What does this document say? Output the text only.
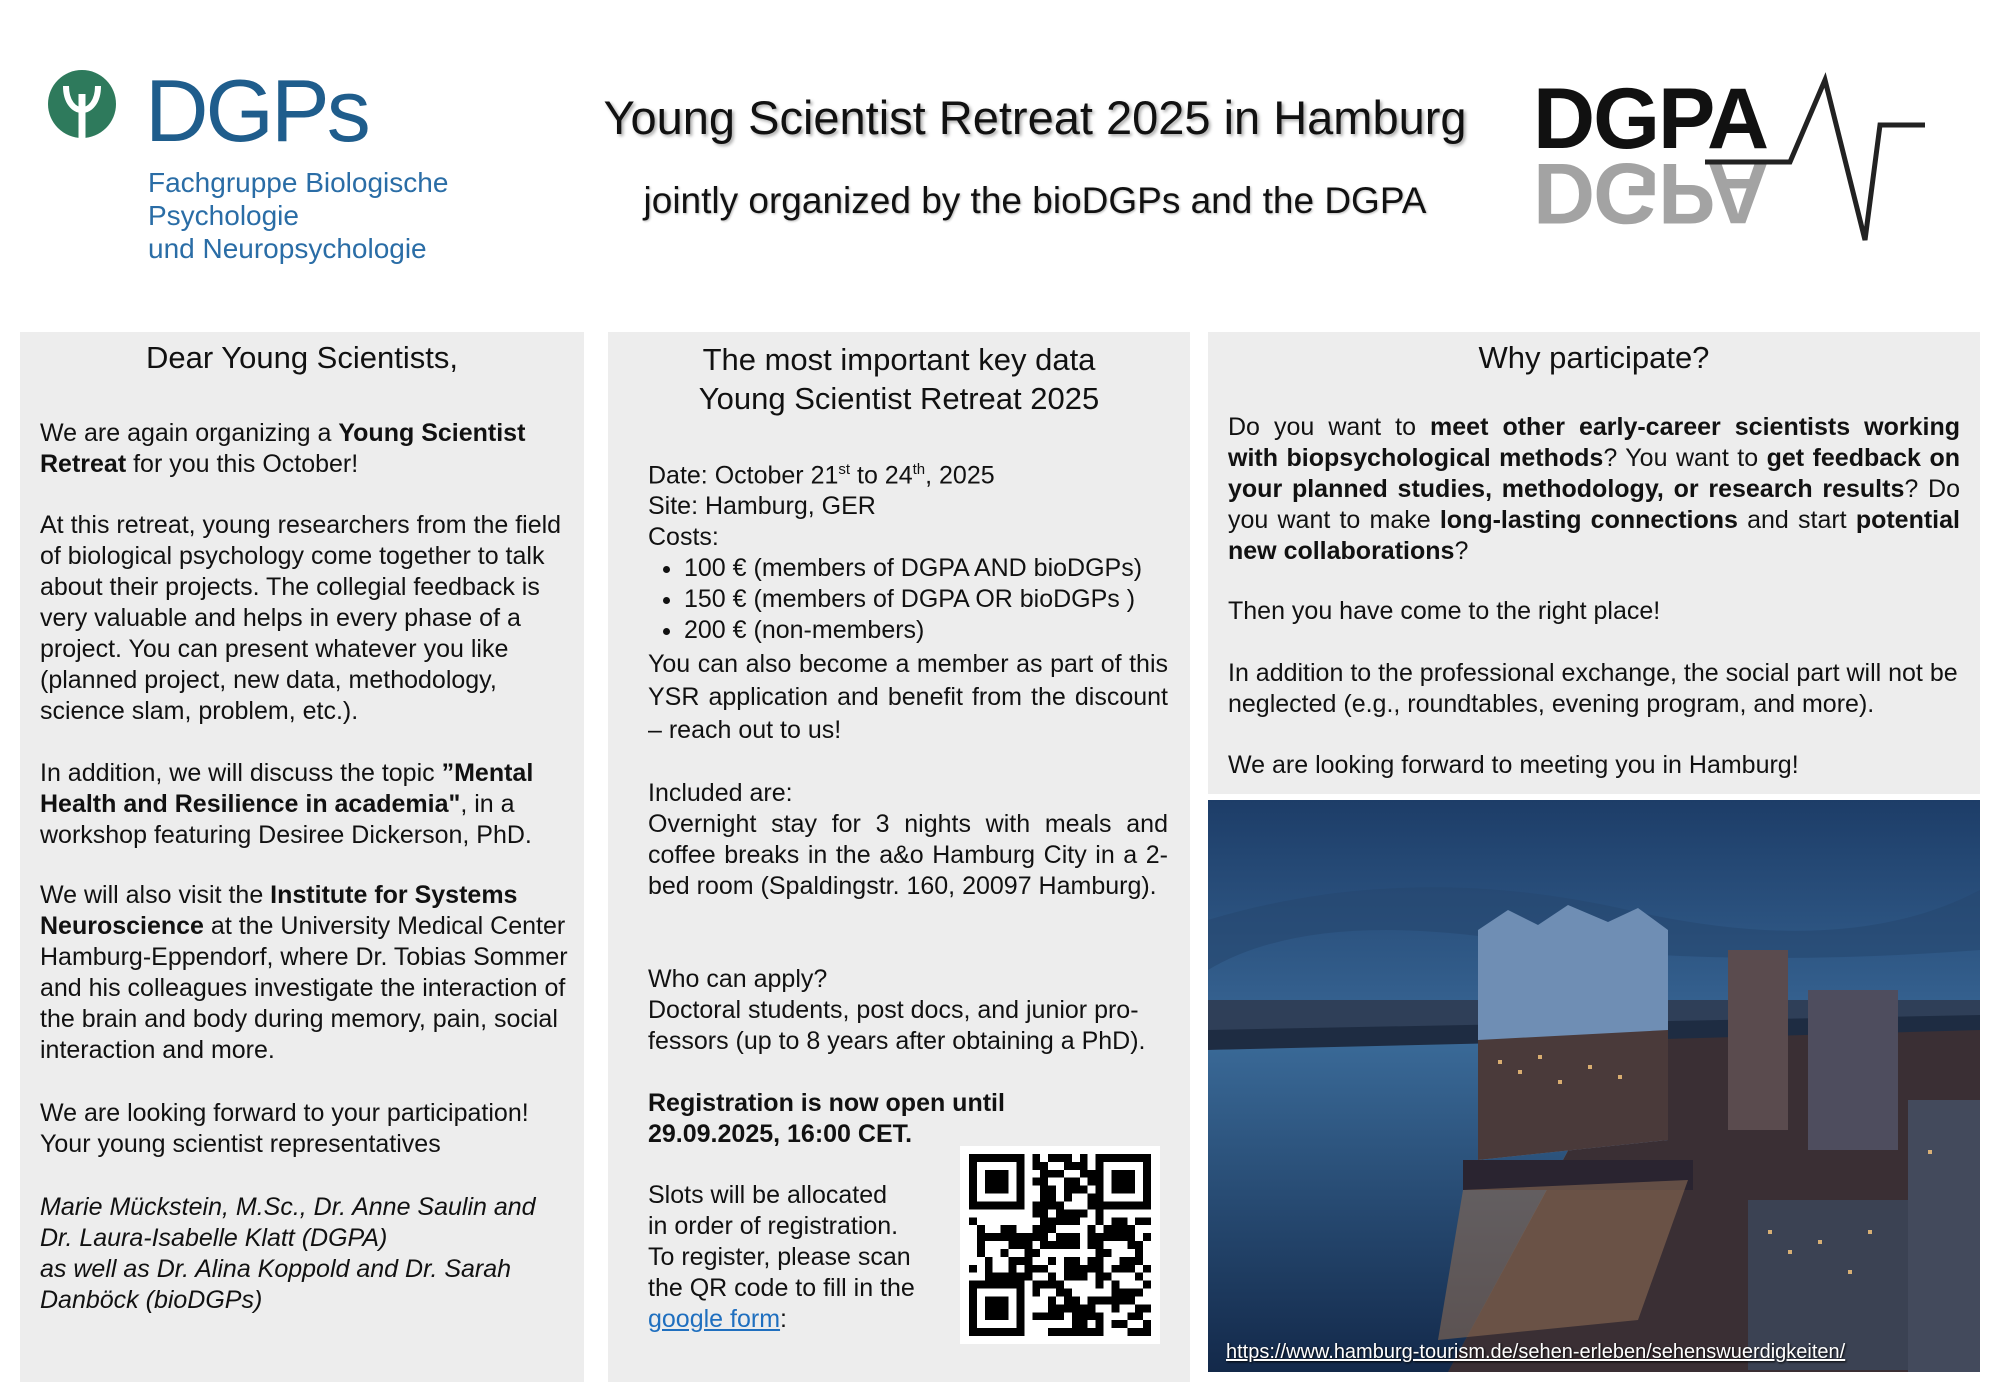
DGPs
Fachgruppe Biologische Psychologie
und Neuropsychologie
Young Scientist Retreat 2025 in Hamburg
jointly organized by the bioDGPs and the DGPA
DGPA
DGPA
Dear Young Scientists,
We are again organizing a Young Scientist Retreat for you this October!
At this retreat, young researchers from the field of biological psychology come together to talk about their projects. The collegial feedback is very valuable and helps in every phase of a project. You can present whatever you like (planned project, new data, methodology, science slam, problem, etc.).
In addition, we will discuss the topic ”Mental Health and Resilience in academia", in a workshop featuring Desiree Dickerson, PhD.
We will also visit the Institute for Systems Neuroscience at the University Medical Center Hamburg-Eppendorf, where Dr. Tobias Sommer and his colleagues investigate the interaction of the brain and body during memory, pain, social interaction and more.
We are looking forward to your participation!
Your young scientist representatives
Marie Mückstein, M.Sc., Dr. Anne Saulin and
Dr. Laura-Isabelle Klatt (DGPA)
as well as Dr. Alina Koppold and Dr. Sarah
Danböck (bioDGPs)
The most important key data
Young Scientist Retreat 2025
Date: October 21st to 24th, 2025
Site: Hamburg, GER
Costs:
• 100 € (members of DGPA AND bioDGPs)
• 150 € (members of DGPA OR bioDGPs )
• 200 € (non-members)
You can also become a member as part of this YSR application and benefit from the discount – reach out to us!
Included are:
Overnight stay for 3 nights with meals and coffee breaks in the a&o Hamburg City in a 2-bed room (Spaldingstr. 160, 20097 Hamburg).
Who can apply?
Doctoral students, post docs, and junior pro-fessors (up to 8 years after obtaining a PhD).
Registration is now open until 29.09.2025, 16:00 CET.
Slots will be allocated
in order of registration.
To register, please scan
the QR code to fill in the
google form:
Why participate?
Do you want to meet other early-career scientists working with biopsychological methods? You want to get feedback on your planned studies, methodology, or research results? Do you want to make long-lasting connections and start potential new collaborations?
Then you have come to the right place!
In addition to the professional exchange, the social part will not be neglected (e.g., roundtables, evening program, and more).
We are looking forward to meeting you in Hamburg!
https://www.hamburg-tourism.de/sehen-erleben/sehenswuerdigkeiten/
